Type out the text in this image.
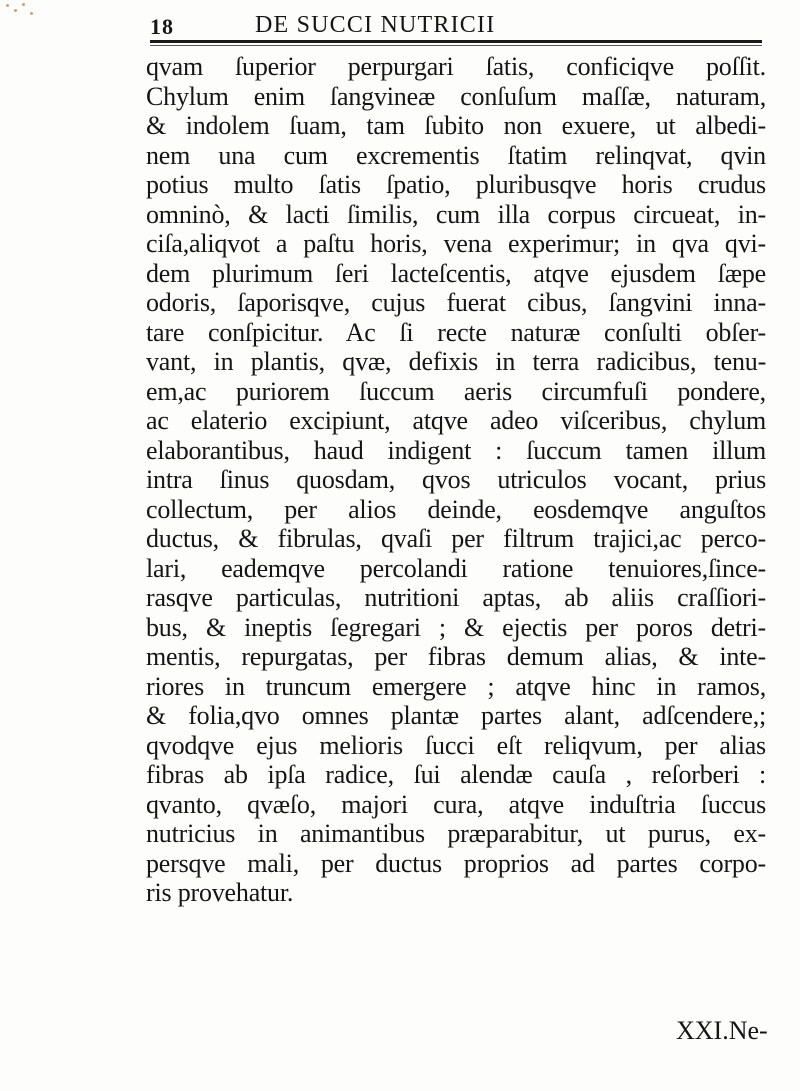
18	DE SUCCI NUTRICII
qvam ſuperior perpurgari ſatis, conficiqve poſſit.
Chylum enim ſangvineæ conſuſum maſſæ, naturam,
& indolem ſuam, tam ſubito non exuere, ut albedi-
nem una cum excrementis ſtatim relinqvat, qvin
potius multo ſatis ſpatio, pluribusqve horis crudus
omninò, & lacti ſimilis, cum illa corpus circueat, in-
ciſa,aliqvot a paſtu horis, vena experimur; in qva qvi-
dem plurimum ſeri lacteſcentis, atqve ejusdem ſæpe
odoris, ſaporisqve, cujus fuerat cibus, ſangvini inna-
tare conſpicitur. Ac ſi recte naturæ conſulti obſer-
vant, in plantis, qvæ, defixis in terra radicibus, tenu-
em,ac puriorem ſuccum aeris circumfuſi pondere,
ac elaterio excipiunt, atqve adeo viſceribus, chylum
elaborantibus, haud indigent : ſuccum tamen illum
intra ſinus quosdam, qvos utriculos vocant, prius
collectum, per alios deinde, eosdemqve anguſtos
ductus, & fibrulas, qvaſi per filtrum trajici,ac perco-
lari, eademqve percolandi ratione tenuiores,ſince-
rasqve particulas, nutritioni aptas, ab aliis craſſiori-
bus, & ineptis ſegregari ; & ejectis per poros detri-
mentis, repurgatas, per fibras demum alias, & inte-
riores in truncum emergere ; atqve hinc in ramos,
& folia,qvo omnes plantæ partes alant, adſcendere,;
qvodqve ejus melioris ſucci eſt reliqvum, per alias
fibras ab ipſa radice, ſui alendæ cauſa , reſorberi :
qvanto, qvæſo, majori cura, atqve induſtria ſuccus
nutricius in animantibus præparabitur, ut purus, ex-
persqve mali, per ductus proprios ad partes corpo-
ris provehatur.
XXI.Ne-
